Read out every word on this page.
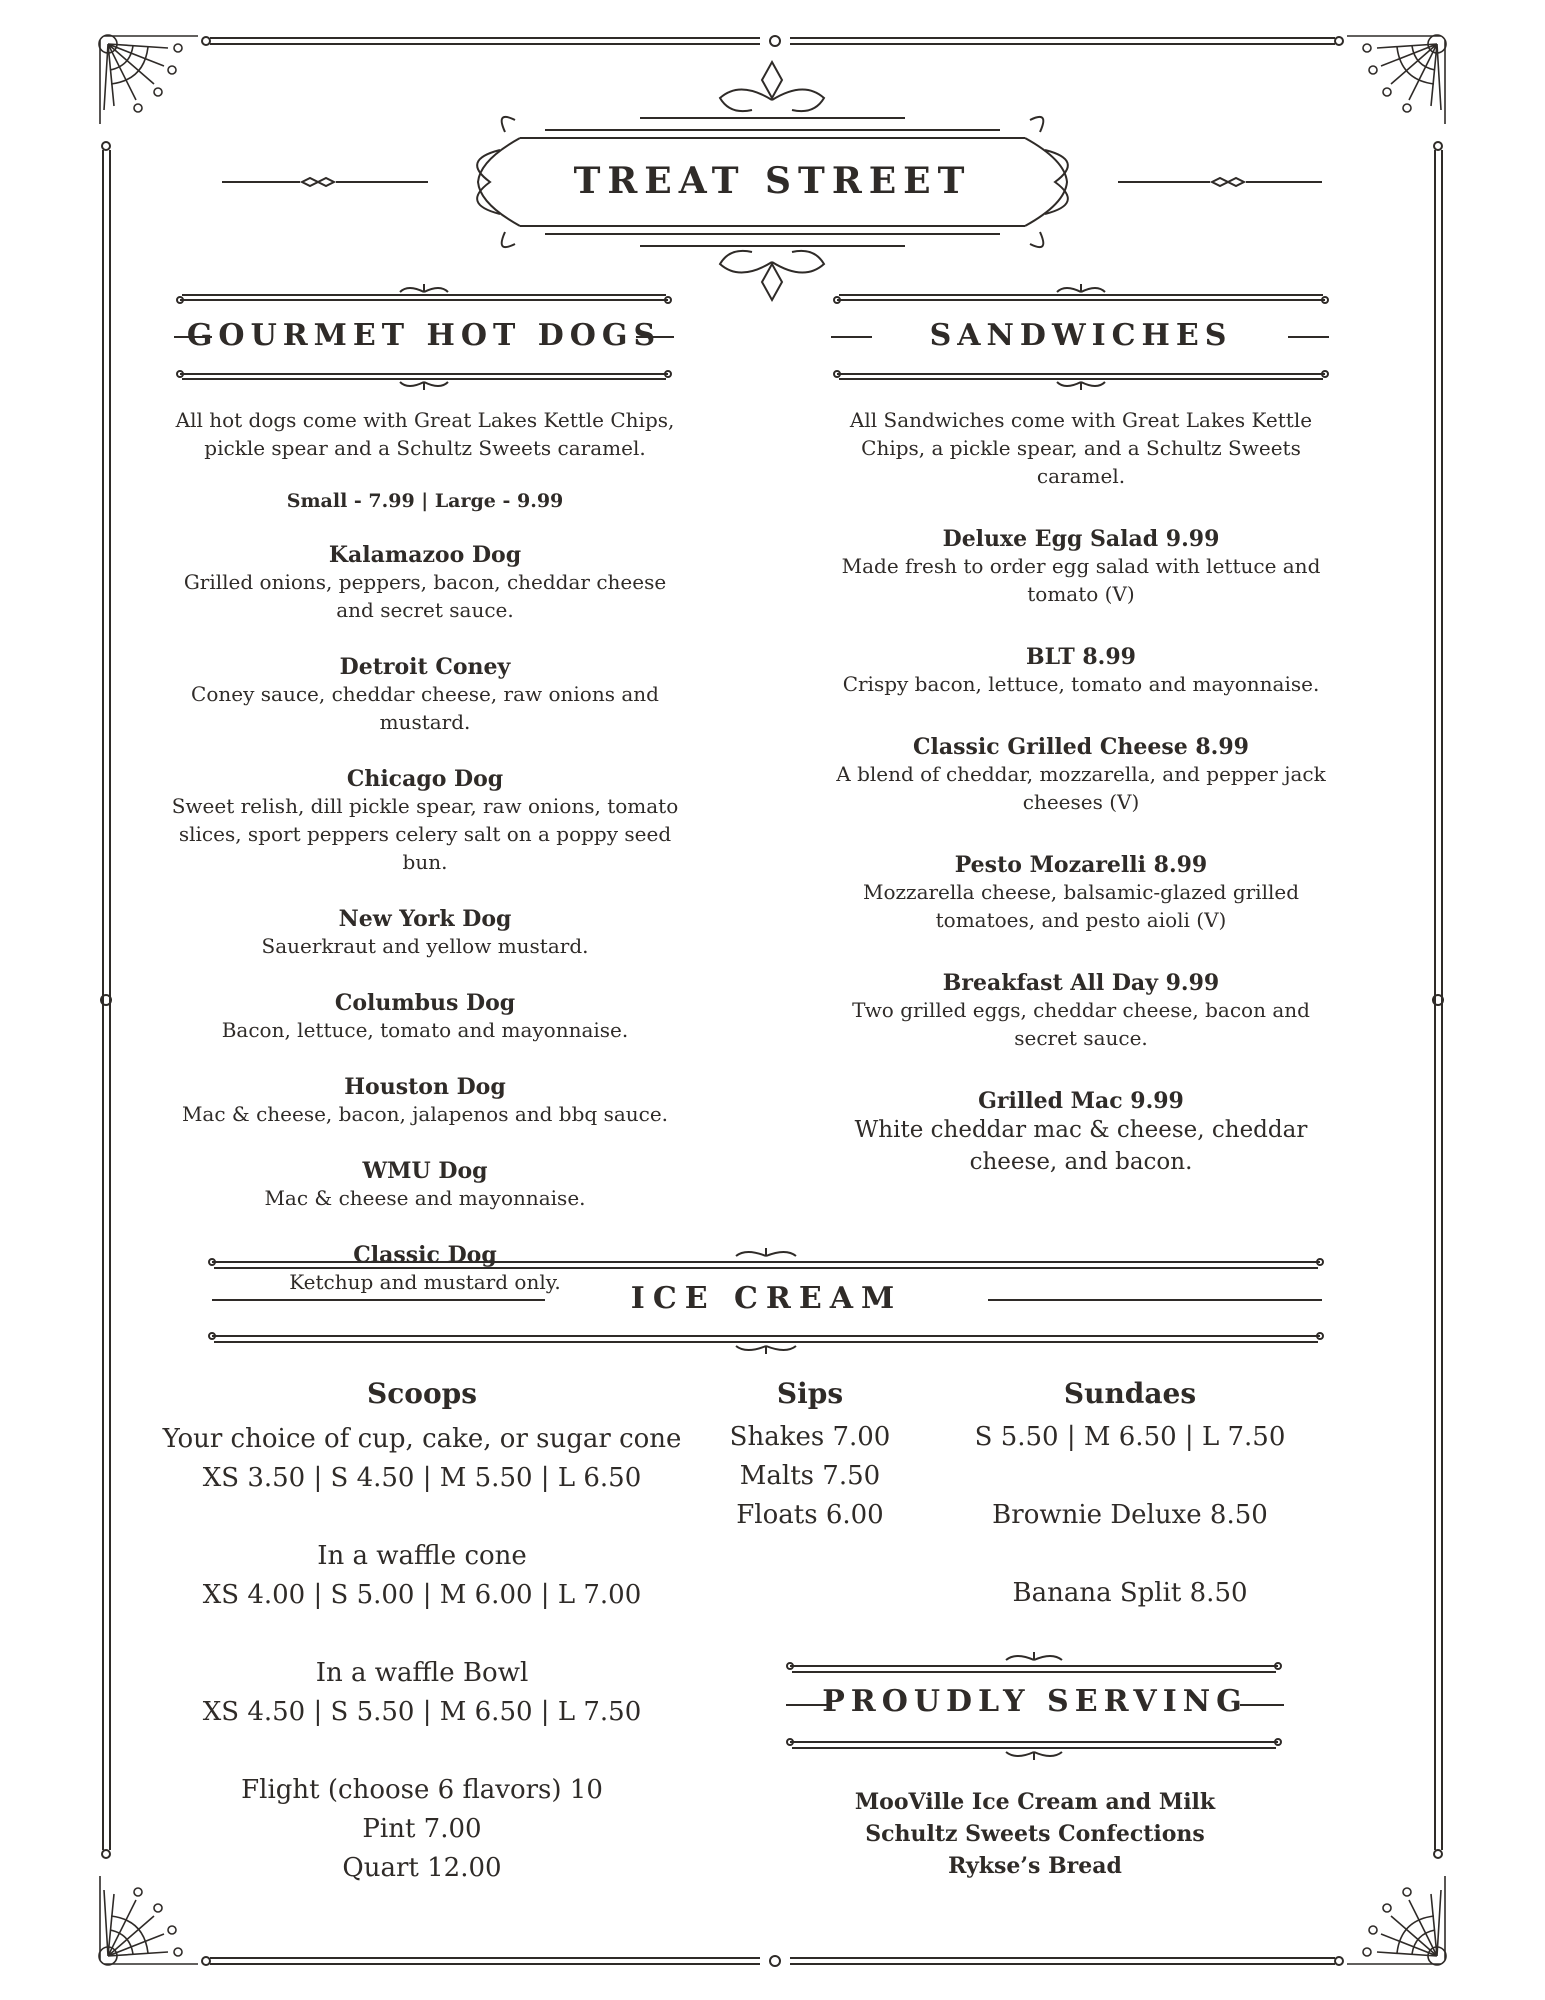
TREAT STREET
GOURMET HOT DOGS
All hot dogs come with Great Lakes Kettle Chips, pickle spear and a Schultz Sweets caramel.
Small - 7.99 | Large - 9.99
Kalamazoo Dog
Grilled onions, peppers, bacon, cheddar cheese and secret sauce.
Detroit Coney
Coney sauce, cheddar cheese, raw onions and mustard.
Chicago Dog
Sweet relish, dill pickle spear, raw onions, tomato slices, sport peppers celery salt on a poppy seed bun.
New York Dog
Sauerkraut and yellow mustard.
Columbus Dog
Bacon, lettuce, tomato and mayonnaise.
Houston Dog
Mac & cheese, bacon, jalapenos and bbq sauce.
WMU Dog
Mac & cheese and mayonnaise.
Classic Dog
Ketchup and mustard only.
SANDWICHES
All Sandwiches come with Great Lakes Kettle Chips, a pickle spear, and a Schultz Sweets caramel.
Deluxe Egg Salad 9.99
Made fresh to order egg salad with lettuce and tomato (V)
BLT 8.99
Crispy bacon, lettuce, tomato and mayonnaise.
Classic Grilled Cheese 8.99
A blend of cheddar, mozzarella, and pepper jack cheeses (V)
Pesto Mozarelli 8.99
Mozzarella cheese, balsamic-glazed grilled tomatoes, and pesto aioli (V)
Breakfast All Day 9.99
Two grilled eggs, cheddar cheese, bacon and secret sauce.
Grilled Mac 9.99
White cheddar mac & cheese, cheddar cheese, and bacon.
ICE CREAM
Scoops
Your choice of cup, cake, or sugar cone
XS 3.50 | S 4.50 | M 5.50 | L 6.50
In a waffle cone
XS 4.00 | S 5.00 | M 6.00 | L 7.00
In a waffle Bowl
XS 4.50 | S 5.50 | M 6.50 | L 7.50
Flight (choose 6 flavors) 10
Pint 7.00
Quart 12.00
Sips
Shakes 7.00
Malts 7.50
Floats 6.00
Sundaes
S 5.50 | M 6.50 | L 7.50
Brownie Deluxe 8.50
Banana Split 8.50
PROUDLY SERVING
MooVille Ice Cream and Milk
Schultz Sweets Confections
Rykse’s Bread
